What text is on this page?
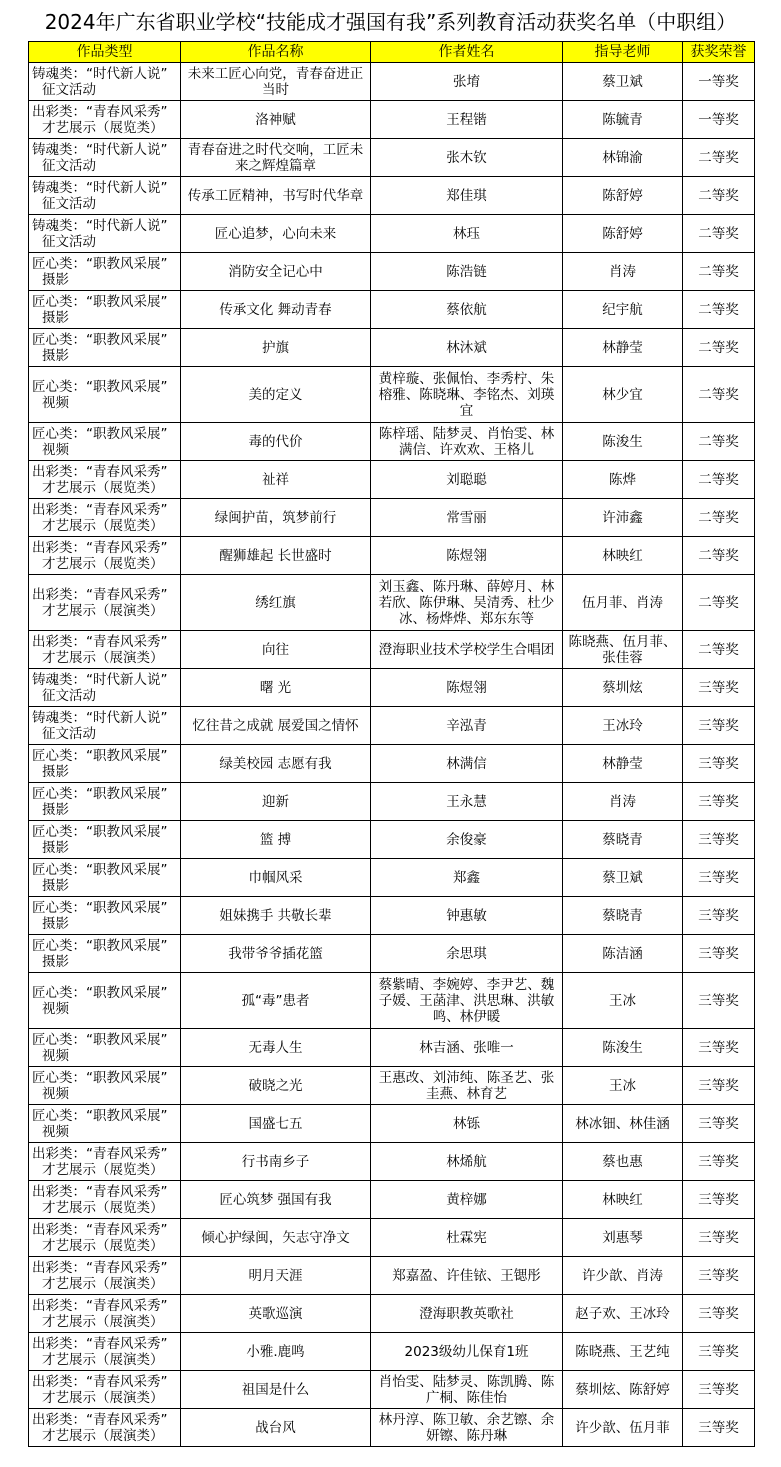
2024年广东省职业学校“技能成才强国有我”系列教育活动获奖名单（中职组）
作品类型	作品名称	作者姓名	指导老师	获奖荣誉

铸魂类：“时代新人说”
征文活动	未来工匠心向党，青春奋进正当时	张堉	蔡卫斌	一等奖

出彩类：“青春风采秀”
才艺展示（展览类）	洛神赋	王程锴	陈毓青	一等奖

铸魂类：“时代新人说”
征文活动	青春奋进之时代交响，工匠未来之辉煌篇章	张木钦	林锦渝	二等奖

铸魂类：“时代新人说”
征文活动	传承工匠精神，书写时代华章	郑佳琪	陈舒婷	二等奖

铸魂类：“时代新人说”
征文活动	匠心追梦，心向未来	林珏	陈舒婷	二等奖

匠心类：“职教风采展”
摄影	消防安全记心中	陈浩链	肖涛	二等奖

匠心类：“职教风采展”
摄影	传承文化 舞动青春	蔡依航	纪宇航	二等奖

匠心类：“职教风采展”
摄影	护旗	林沐斌	林静莹	二等奖

匠心类：“职教风采展”
视频	美的定义	黄梓璇、张佩怡、李秀柠、朱榕雅、陈晓琳、李铭杰、刘瑛宜	林少宜	二等奖

匠心类：“职教风采展”
视频	毒的代价	陈梓瑶、陆梦灵、肖怡雯、林满信、许欢欢、王格儿	陈浚生	二等奖

出彩类：“青春风采秀”
才艺展示（展览类）	祉祥	刘聪聪	陈烨	二等奖

出彩类：“青春风采秀”
才艺展示（展览类）	绿闽护苗，筑梦前行	常雪丽	许沛鑫	二等奖

出彩类：“青春风采秀”
才艺展示（展览类）	醒狮雄起 长世盛时	陈煜翎	林映红	二等奖

出彩类：“青春风采秀”
才艺展示（展演类）	绣红旗	刘玉鑫、陈丹琳、薛婷月、林若欣、陈伊琳、吴清秀、杜少冰、杨烨烨、郑东东等	伍月菲、肖涛	二等奖

出彩类：“青春风采秀”
才艺展示（展演类）	向往	澄海职业技术学校学生合唱团	陈晓燕、伍月菲、张佳蓉	二等奖

铸魂类：“时代新人说”
征文活动	曙 光	陈煜翎	蔡圳炫	三等奖

铸魂类：“时代新人说”
征文活动	忆往昔之成就 展爱国之情怀	辛泓青	王冰玲	三等奖

匠心类：“职教风采展”
摄影	绿美校园 志愿有我	林满信	林静莹	三等奖

匠心类：“职教风采展”
摄影	迎新	王永慧	肖涛	三等奖

匠心类：“职教风采展”
摄影	篮 搏	余俊豪	蔡晓青	三等奖

匠心类：“职教风采展”
摄影	巾帼风采	郑鑫	蔡卫斌	三等奖

匠心类：“职教风采展”
摄影	姐妹携手 共敬长辈	钟惠敏	蔡晓青	三等奖

匠心类：“职教风采展”
摄影	我带爷爷插花篮	余思琪	陈洁涵	三等奖

匠心类：“职教风采展”
视频	孤“毒”患者	蔡紫晴、李婉婷、李尹艺、魏子媛、王菡津、洪思琳、洪敏鸣、林伊暖	王冰	三等奖

匠心类：“职教风采展”
视频	无毒人生	林吉涵、张唯一	陈浚生	三等奖

匠心类：“职教风采展”
视频	破晓之光	王惠改、刘沛纯、陈圣艺、张圭燕、林育艺	王冰	三等奖

匠心类：“职教风采展”
视频	国盛七五	林铄	林冰钿、林佳涵	三等奖

出彩类：“青春风采秀”
才艺展示（展览类）	行书南乡子	林烯航	蔡也惠	三等奖

出彩类：“青春风采秀”
才艺展示（展览类）	匠心筑梦 强国有我	黄梓娜	林映红	三等奖

出彩类：“青春风采秀”
才艺展示（展览类）	倾心护绿闽，矢志守净文	杜霖宪	刘惠琴	三等奖

出彩类：“青春风采秀”
才艺展示（展演类）	明月天涯	郑嘉盈、许佳铱、王锶彤	许少歆、肖涛	三等奖

出彩类：“青春风采秀”
才艺展示（展演类）	英歌巡演	澄海职教英歌社	赵子欢、王冰玲	三等奖

出彩类：“青春风采秀”
才艺展示（展演类）	小雅.鹿鸣	2023级幼儿保育1班	陈晓燕、王艺纯	三等奖

出彩类：“青春风采秀”
才艺展示（展演类）	祖国是什么	肖怡雯、陆梦灵、陈凯腾、陈广桐、陈佳怡	蔡圳炫、陈舒婷	三等奖

出彩类：“青春风采秀”
才艺展示（展演类）	战台风	林丹淳、陈卫敏、余艺镲、余妍镲、陈丹琳	许少歆、伍月菲	三等奖
